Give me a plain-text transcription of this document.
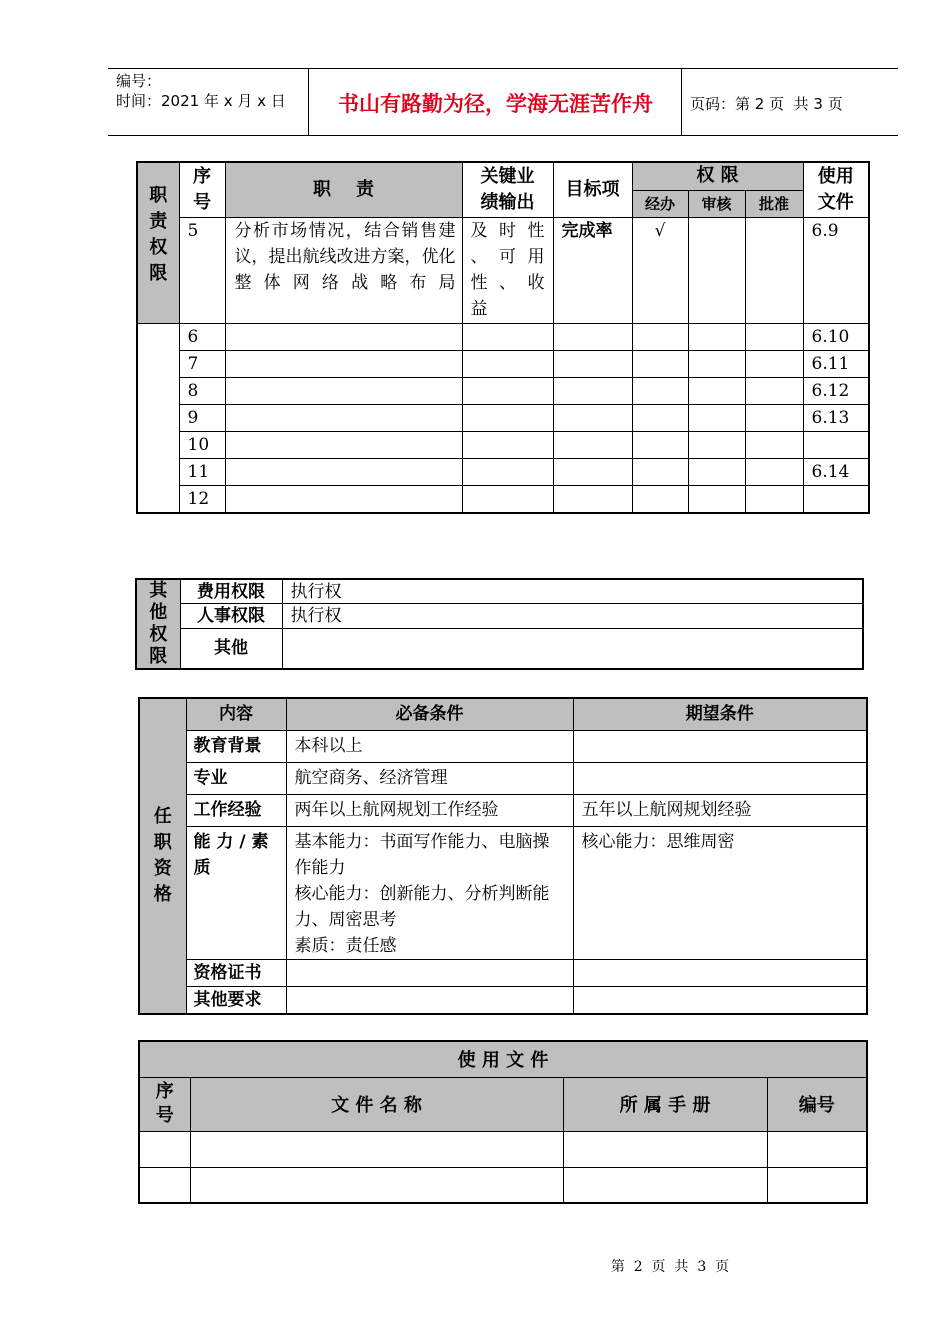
编号：
时间：2021 年 x 月 x 日	书山有路勤为径，学海无涯苦作舟	页码：第 2 页  共 3 页
职责权限	序号	职    责	关键业绩输出	目标项	权 限			使用文件

					经办	审核	批准	
	5	分析市场情况，结合销售建议，提出航线改进方案，优化整体网络战略布局	及 时 性 、 可 用 性 、 收益	完成率	√			6.9
	6							6.10
	7							6.11
	8							6.12
	9							6.13
	10							
	11							6.14
	12							
其他权限	费用权限	执行权
	人事权限	执行权
	其他	
任职资格	内容	必备条件	期望条件
	教育背景	本科以上	
	专业	航空商务、经济管理	
	工作经验	两年以上航网规划工作经验	五年以上航网规划经验
	能 力 / 素质	基本能力：书面写作能力、电脑操作能力
核心能力：创新能力、分析判断能力、周密思考
素质：责任感	核心能力：思维周密
	资格证书		
	其他要求		
使 用 文 件			

序号	文 件 名 称	所 属 手 册	编号

第  2  页  共  3  页
